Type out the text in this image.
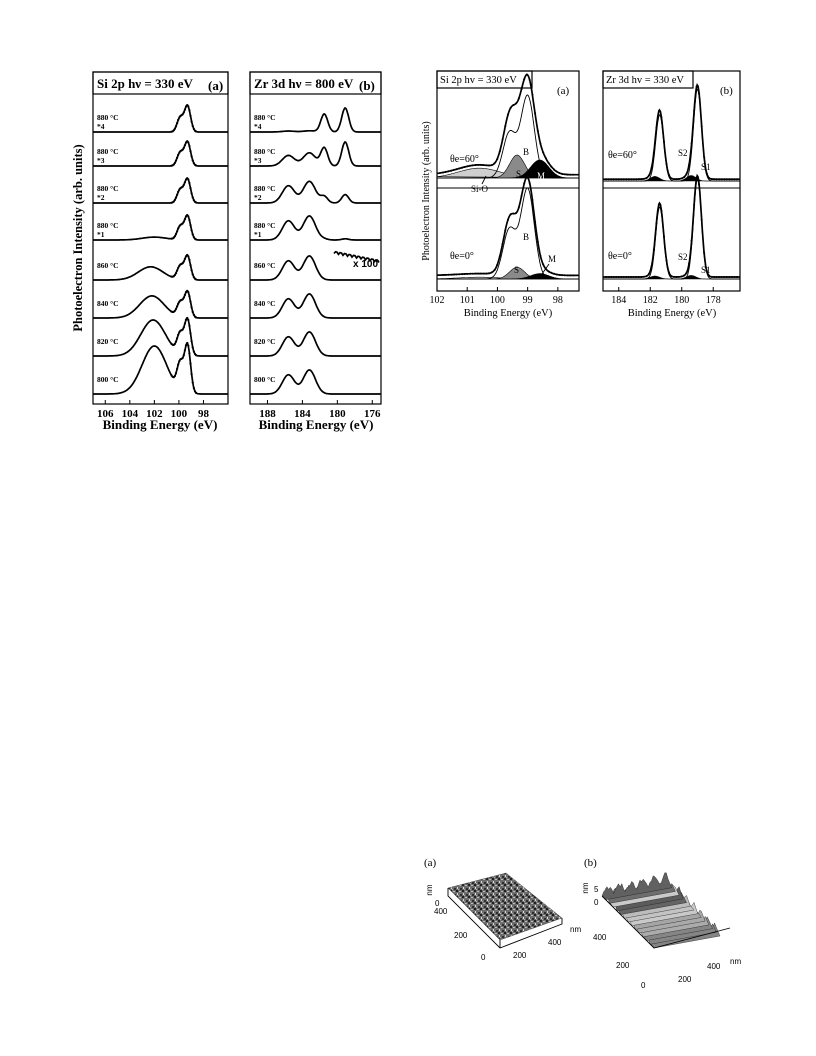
Photoelectron Intensity (arb. units)
Si 2p hν = 330 eV (a)
880 °C
*4
880 °C
*3
880 °C
*2
880 °C
*1
860 °C
840 °C
820 °C
800 °C
106 104 102 100 98
Binding Energy (eV)
Zr 3d hν = 800 eV (b)
880 °C
*4
880 °C
*3
880 °C
*2
880 °C
*1
860 °C
840 °C
820 °C
800 °C
188 184 180 176
x 100
Binding Energy (eV)
Photoelectron Intensity (arb. units)
Si 2p hv = 330 eV
(a)
θe=60°
θe=0°
B
S M
Si-O
B
S
M
102 101 100 99 98
Binding Energy (eV)
Zr 3d hv = 330 eV
(b)
θe=60°
θe=0°
S2
S1
S2
S1
184 182 180 178
Binding Energy (eV)
(a)
nm
0
400
200
0	200
400
nm
(b)
nm 5
0
400
200
0
200
400
nm
